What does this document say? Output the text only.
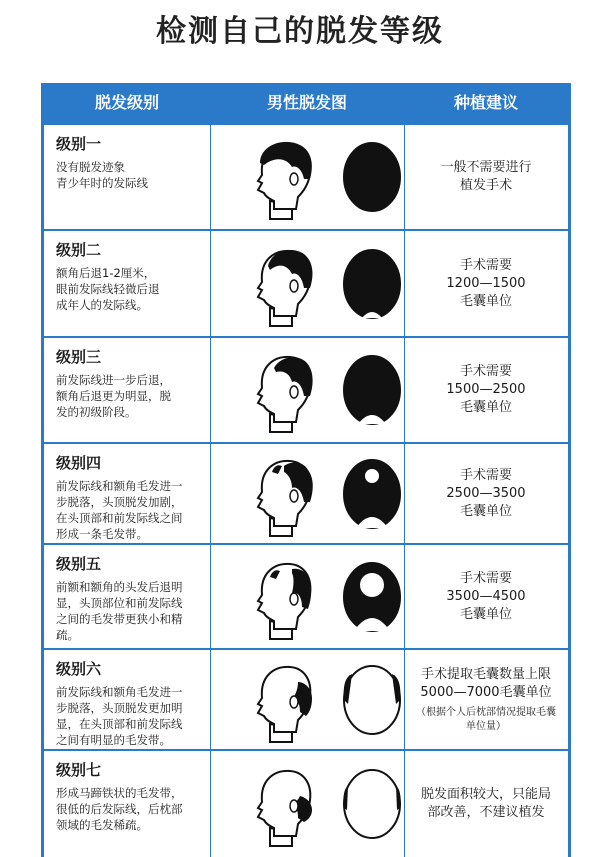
检测自己的脱发等级
脱发级别	男性脱发图	种植建议
级别一
没有脱发迹象
青少年时的发际线
一般不需要进行
植发手术
级别二
额角后退1-2厘米，
眼前发际线轻微后退
成年人的发际线。
手术需要
1200—1500
毛囊单位
级别三
前发际线进一步后退，
额角后退更为明显，脱
发的初级阶段。
手术需要
1500—2500
毛囊单位
级别四
前发际线和额角毛发进一
步脱落，头顶脱发加剧，
在头顶部和前发际线之间
形成一条毛发带。
手术需要
2500—3500
毛囊单位
级别五
前额和额角的头发后退明
显，头顶部位和前发际线
之间的毛发带更狭小和精
疏。
手术需要
3500—4500
毛囊单位
级别六
前发际线和额角毛发进一
步脱落，头顶脱发更加明
显，在头顶部和前发际线
之间有明显的毛发带。
手术提取毛囊数量上限
5000—7000毛囊单位
（根据个人后枕部情况提取毛囊单位量）
级别七
形成马蹄铁状的毛发带，
很低的后发际线，后枕部
领域的毛发稀疏。
脱发面积较大，只能局
部改善，不建议植发
